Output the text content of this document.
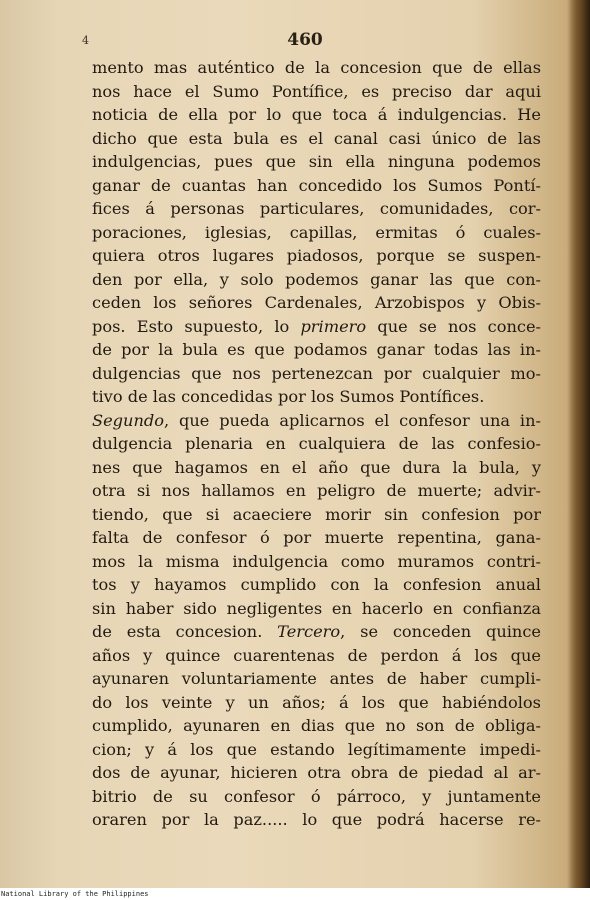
4	460
mento mas auténtico de la concesion que de ellas
nos hace el Sumo Pontífice, es preciso dar aqui
noticia de ella por lo que toca á indulgencias. He
dicho que esta bula es el canal casi único de las
indulgencias, pues que sin ella ninguna podemos
ganar de cuantas han concedido los Sumos Pontí-
fices á personas particulares, comunidades, cor-
poraciones, iglesias, capillas, ermitas ó cuales-
quiera otros lugares piadosos, porque se suspen-
den por ella, y solo podemos ganar las que con-
ceden los señores Cardenales, Arzobispos y Obis-
pos. Esto supuesto, lo primero que se nos conce-
de por la bula es que podamos ganar todas las in-
dulgencias que nos pertenezcan por cualquier mo-
tivo de las concedidas por los Sumos Pontífices.
Segundo, que pueda aplicarnos el confesor una in-
dulgencia plenaria en cualquiera de las confesio-
nes que hagamos en el año que dura la bula, y
otra si nos hallamos en peligro de muerte; advir-
tiendo, que si acaeciere morir sin confesion por
falta de confesor ó por muerte repentina, gana-
mos la misma indulgencia como muramos contri-
tos y hayamos cumplido con la confesion anual
sin haber sido negligentes en hacerlo en confianza
de esta concesion. Tercero, se conceden quince
años y quince cuarentenas de perdon á los que
ayunaren voluntariamente antes de haber cumpli-
do los veinte y un años; á los que habiéndolos
cumplido, ayunaren en dias que no son de obliga-
cion; y á los que estando legítimamente impedi-
dos de ayunar, hicieren otra obra de piedad al ar-
bitrio de su confesor ó párroco, y juntamente
oraren por la paz..... lo que podrá hacerse re-
National Library of the Philippines
